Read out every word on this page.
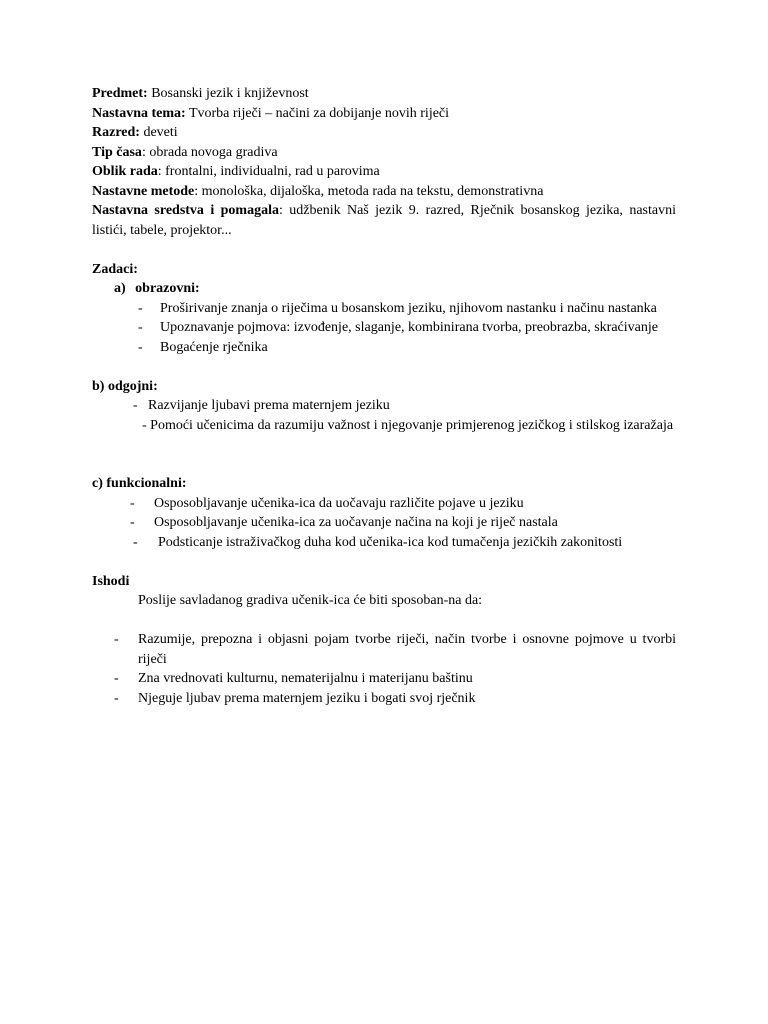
Predmet: Bosanski jezik i književnost
Nastavna tema: Tvorba riječi – načini za dobijanje novih riječi
Razred: deveti
Tip časa: obrada novoga gradiva
Oblik rada: frontalni, individualni, rad u parovima
Nastavne metode: monološka, dijaloška, metoda rada na tekstu, demonstrativna
Nastavna sredstva i pomagala: udžbenik Naš jezik 9. razred, Rječnik bosanskog jezika, nastavni listići, tabele, projektor...
Zadaci:
a) obrazovni:
- Proširivanje znanja o riječima u bosanskom jeziku, njihovom nastanku i načinu nastanka
- Upoznavanje pojmova: izvođenje, slaganje, kombinirana tvorba, preobrazba, skraćivanje
- Bogaćenje rječnika
b) odgojni:
- Razvijanje ljubavi prema maternjem jeziku
- Pomoći učenicima da razumiju važnost i njegovanje primjerenog jezičkog i stilskog izaražaja
c) funkcionalni:
- Osposobljavanje učenika-ica da uočavaju različite pojave u jeziku
- Osposobljavanje učenika-ica za uočavanje načina na koji je riječ nastala
- Podsticanje istraživačkog duha kod učenika-ica kod tumačenja jezičkih zakonitosti
Ishodi
Poslije savladanog gradiva učenik-ica će biti sposoban-na da:
- Razumije, prepozna i objasni pojam tvorbe riječi, način tvorbe i osnovne pojmove u tvorbi riječi
- Zna vrednovati kulturnu, nematerijalnu i materijanu baštinu
- Njeguje ljubav prema maternjem jeziku i bogati svoj rječnik
